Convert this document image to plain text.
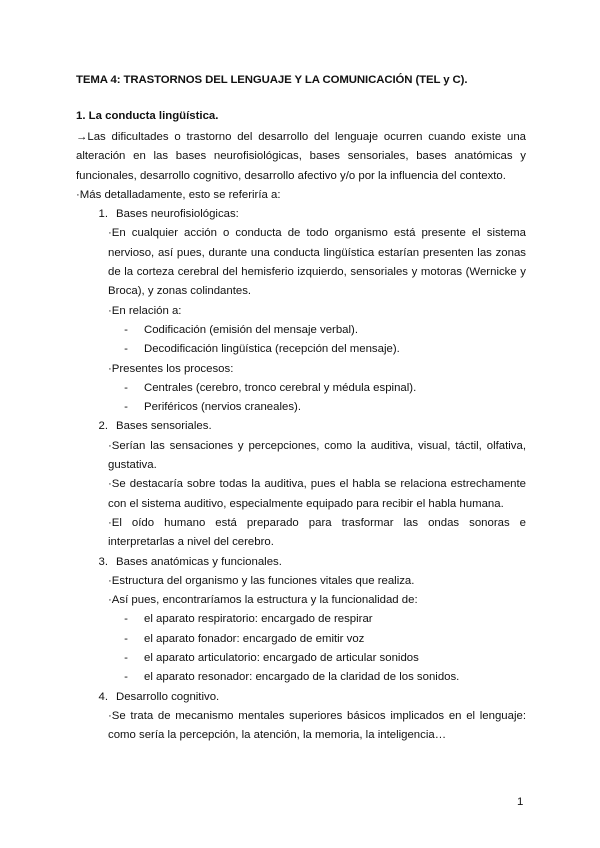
TEMA 4: TRASTORNOS DEL LENGUAJE Y LA COMUNICACIÓN (TEL y C).
1. La conducta lingüística.

→Las dificultades o trastorno del desarrollo del lenguaje ocurren cuando existe una alteración en las bases neurofisiológicas, bases sensoriales, bases anatómicas y funcionales, desarrollo cognitivo, desarrollo afectivo y/o por la influencia del contexto.

·Más detalladamente, esto se referiría a:

1. Bases neurofisiológicas:

·En cualquier acción o conducta de todo organismo está presente el sistema nervioso, así pues, durante una conducta lingüística estarían presenten las zonas de la corteza cerebral del hemisferio izquierdo, sensoriales y motoras (Wernicke y Broca), y zonas colindantes.

·En relación a:

-	Codificación (emisión del mensaje verbal).
-	Decodificación lingüística (recepción del mensaje).

·Presentes los procesos:

-	Centrales (cerebro, tronco cerebral y médula espinal).
-	Periféricos (nervios craneales).
2. Bases sensoriales.

·Serían las sensaciones y percepciones, como la auditiva, visual, táctil, olfativa, gustativa.

·Se destacaría sobre todas la auditiva, pues el habla se relaciona estrechamente con el sistema auditivo, especialmente equipado para recibir el habla humana.

·El oído humano está preparado para trasformar las ondas sonoras e interpretarlas a nivel del cerebro.

3. Bases anatómicas y funcionales.

·Estructura del organismo y las funciones vitales que realiza.

·Así pues, encontraríamos la estructura y la funcionalidad de:

-	el aparato respiratorio: encargado de respirar
-	el aparato fonador: encargado de emitir voz
-	el aparato articulatorio: encargado de articular sonidos
-	el aparato resonador: encargado de la claridad de los sonidos.
4. Desarrollo cognitivo.

·Se trata de mecanismo mentales superiores básicos implicados en el lenguaje: como sería la percepción, la atención, la memoria, la inteligencia…

1
